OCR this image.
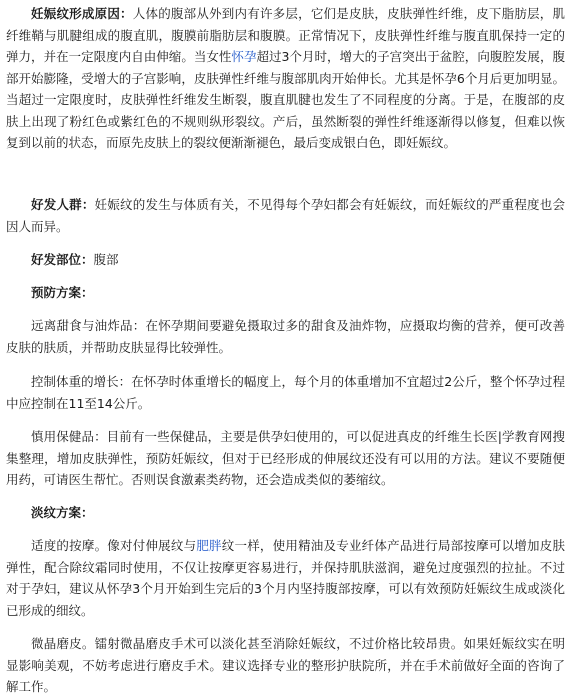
妊娠纹形成原因：人体的腹部从外到内有许多层，它们是皮肤，皮肤弹性纤维，皮下脂肪层，肌纤维鞘与肌腱组成的腹直肌，腹膜前脂肪层和腹膜。正常情况下，皮肤弹性纤维与腹直肌保持一定的弹力，并在一定限度内自由伸缩。当女性怀孕超过3个月时，增大的子宫突出于盆腔，向腹腔发展，腹部开始膨隆，受增大的子宫影响，皮肤弹性纤维与腹部肌肉开始伸长。尤其是怀孕6个月后更加明显。当超过一定限度时，皮肤弹性纤维发生断裂，腹直肌腱也发生了不同程度的分离。于是，在腹部的皮肤上出现了粉红色或紫红色的不规则纵形裂纹。产后，虽然断裂的弹性纤维逐渐得以修复，但难以恢复到以前的状态，而原先皮肤上的裂纹便渐渐褪色，最后变成银白色，即妊娠纹。

好发人群：妊娠纹的发生与体质有关，不见得每个孕妇都会有妊娠纹，而妊娠纹的严重程度也会因人而异。

好发部位：腹部

预防方案：

远离甜食与油炸品：在怀孕期间要避免摄取过多的甜食及油炸物，应摄取均衡的营养，便可改善皮肤的肤质，并帮助皮肤显得比较弹性。

控制体重的增长：在怀孕时体重增长的幅度上，每个月的体重增加不宜超过2公斤，整个怀孕过程中应控制在11至14公斤。

慎用保健品：目前有一些保健品，主要是供孕妇使用的，可以促进真皮的纤维生长医|学教育网搜集整理，增加皮肤弹性，预防妊娠纹，但对于已经形成的伸展纹还没有可以用的方法。建议不要随便用药，可请医生帮忙。否则误食激素类药物，还会造成类似的萎缩纹。

淡纹方案：

适度的按摩。像对付伸展纹与肥胖纹一样，使用精油及专业纤体产品进行局部按摩可以增加皮肤弹性，配合除纹霜同时使用，不仅让按摩更容易进行，并保持肌肤滋润，避免过度强烈的拉扯。不过对于孕妇，建议从怀孕3个月开始到生完后的3个月内坚持腹部按摩，可以有效预防妊娠纹生成或淡化已形成的细纹。

微晶磨皮。镭射微晶磨皮手术可以淡化甚至消除妊娠纹，不过价格比较昂贵。如果妊娠纹实在明显影响美观，不妨考虑进行磨皮手术。建议选择专业的整形护肤院所，并在手术前做好全面的咨询了解工作。
